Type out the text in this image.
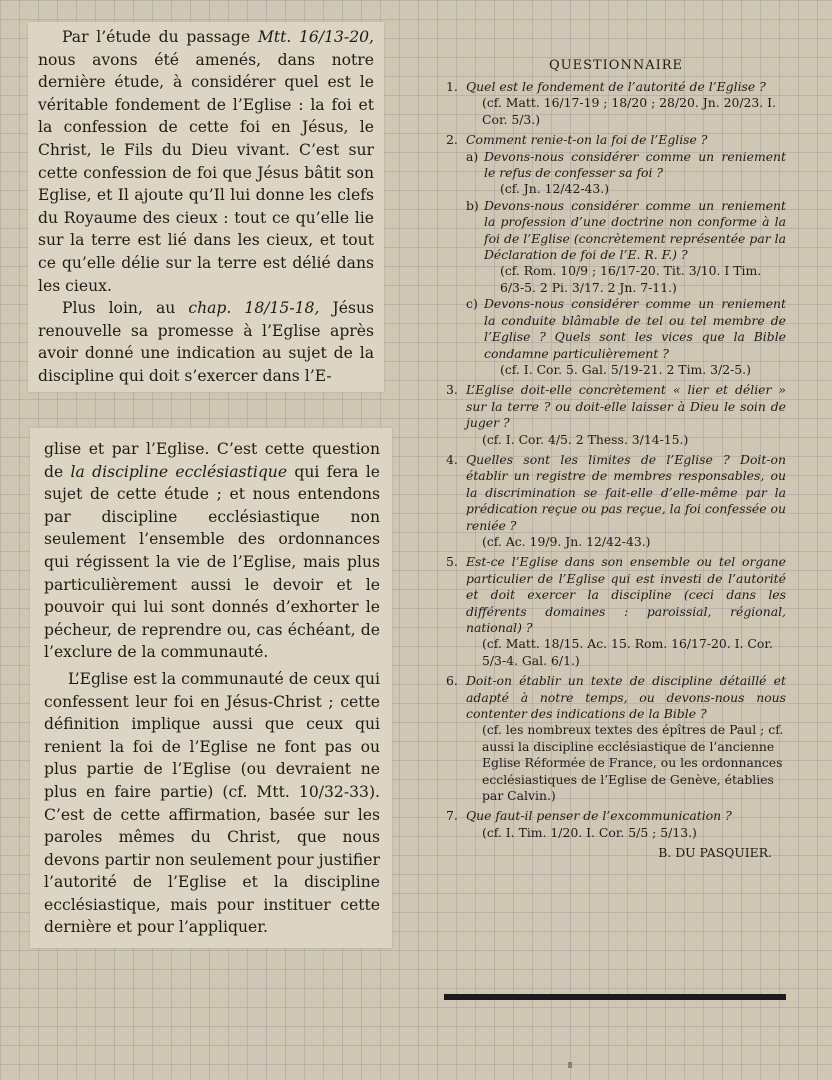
Par l’étude du passage Mtt. 16/13-20, nous avons été amenés, dans notre dernière étude, à considérer quel est le véritable fondement de l’Eglise : la foi et la confession de cette foi en Jésus, le Christ, le Fils du Dieu vivant. C’est sur cette confession de foi que Jésus bâtit son Eglise, et Il ajoute qu’Il lui donne les clefs du Royaume des cieux : tout ce qu’elle lie sur la terre est lié dans les cieux, et tout ce qu’elle délie sur la terre est délié dans les cieux.

Plus loin, au chap. 18/15-18, Jésus renouvelle sa promesse à l’Eglise après avoir donné une indication au sujet de la discipline qui doit s’exercer dans l’E-

glise et par l’Eglise. C’est cette question de la discipline ecclésiastique qui fera le sujet de cette étude ; et nous entendons par discipline ecclésiastique non seulement l’ensemble des ordonnances qui régissent la vie de l’Eglise, mais plus particulièrement aussi le devoir et le pouvoir qui lui sont donnés d’exhorter le pécheur, de reprendre ou, cas échéant, de l’exclure de la communauté.

L’Eglise est la communauté de ceux qui confessent leur foi en Jésus-Christ ; cette définition implique aussi que ceux qui renient la foi de l’Eglise ne font pas ou plus partie de l’Eglise (ou devraient ne plus en faire partie) (cf. Mtt. 10/32-33). C’est de cette affirmation, basée sur les paroles mêmes du Christ, que nous devons partir non seulement pour justifier l’autorité de l’Eglise et la discipline ecclésiastique, mais pour instituer cette dernière et pour l’appliquer.

QUESTIONNAIRE
1. Quel est le fondement de l’autorité de l’Eglise ?
(cf. Matt. 16/17-19 ; 18/20 ; 28/20. Jn. 20/23. I. Cor. 5/3.)
2. Comment renie-t-on la foi de l’Eglise ?
a) Devons-nous considérer comme un reniement le refus de confesser sa foi ?
(cf. Jn. 12/42-43.)
b) Devons-nous considérer comme un reniement la profession d’une doctrine non conforme à la foi de l’Eglise (concrètement représentée par la Déclaration de foi de l’E. R. F.) ?
(cf. Rom. 10/9 ; 16/17-20. Tit. 3/10. I Tim. 6/3-5. 2 Pi. 3/17. 2 Jn. 7-11.)
c) Devons-nous considérer comme un reniement la conduite blâmable de tel ou tel membre de l’Eglise ? Quels sont les vices que la Bible condamne particulièrement ?
(cf. I. Cor. 5. Gal. 5/19-21. 2 Tim. 3/2-5.)
3. L’Eglise doit-elle concrètement « lier et délier » sur la terre ? ou doit-elle laisser à Dieu le soin de juger ?
(cf. I. Cor. 4/5. 2 Thess. 3/14-15.)
4. Quelles sont les limites de l’Eglise ? Doit-on établir un registre de membres responsables, ou la discrimination se fait-elle d’elle-même par la prédication reçue ou pas reçue, la foi confessée ou reniée ?
(cf. Ac. 19/9. Jn. 12/42-43.)
5. Est-ce l’Eglise dans son ensemble ou tel organe particulier de l’Eglise qui est investi de l’autorité et doit exercer la discipline (ceci dans les différents domaines : paroissial, régional, national) ?
(cf. Matt. 18/15. Ac. 15. Rom. 16/17-20. I. Cor. 5/3-4. Gal. 6/1.)
6. Doit-on établir un texte de discipline détaillé et adapté à notre temps, ou devons-nous nous contenter des indications de la Bible ?
(cf. les nombreux textes des épîtres de Paul ; cf. aussi la discipline ecclésiastique de l’ancienne Eglise Réformée de France, ou les ordonnances ecclésiastiques de l’Eglise de Genève, établies par Calvin.)
7. Que faut-il penser de l’excommunication ?
(cf. I. Tim. 1/20. I. Cor. 5/5 ; 5/13.)
B. DU PASQUIER.
